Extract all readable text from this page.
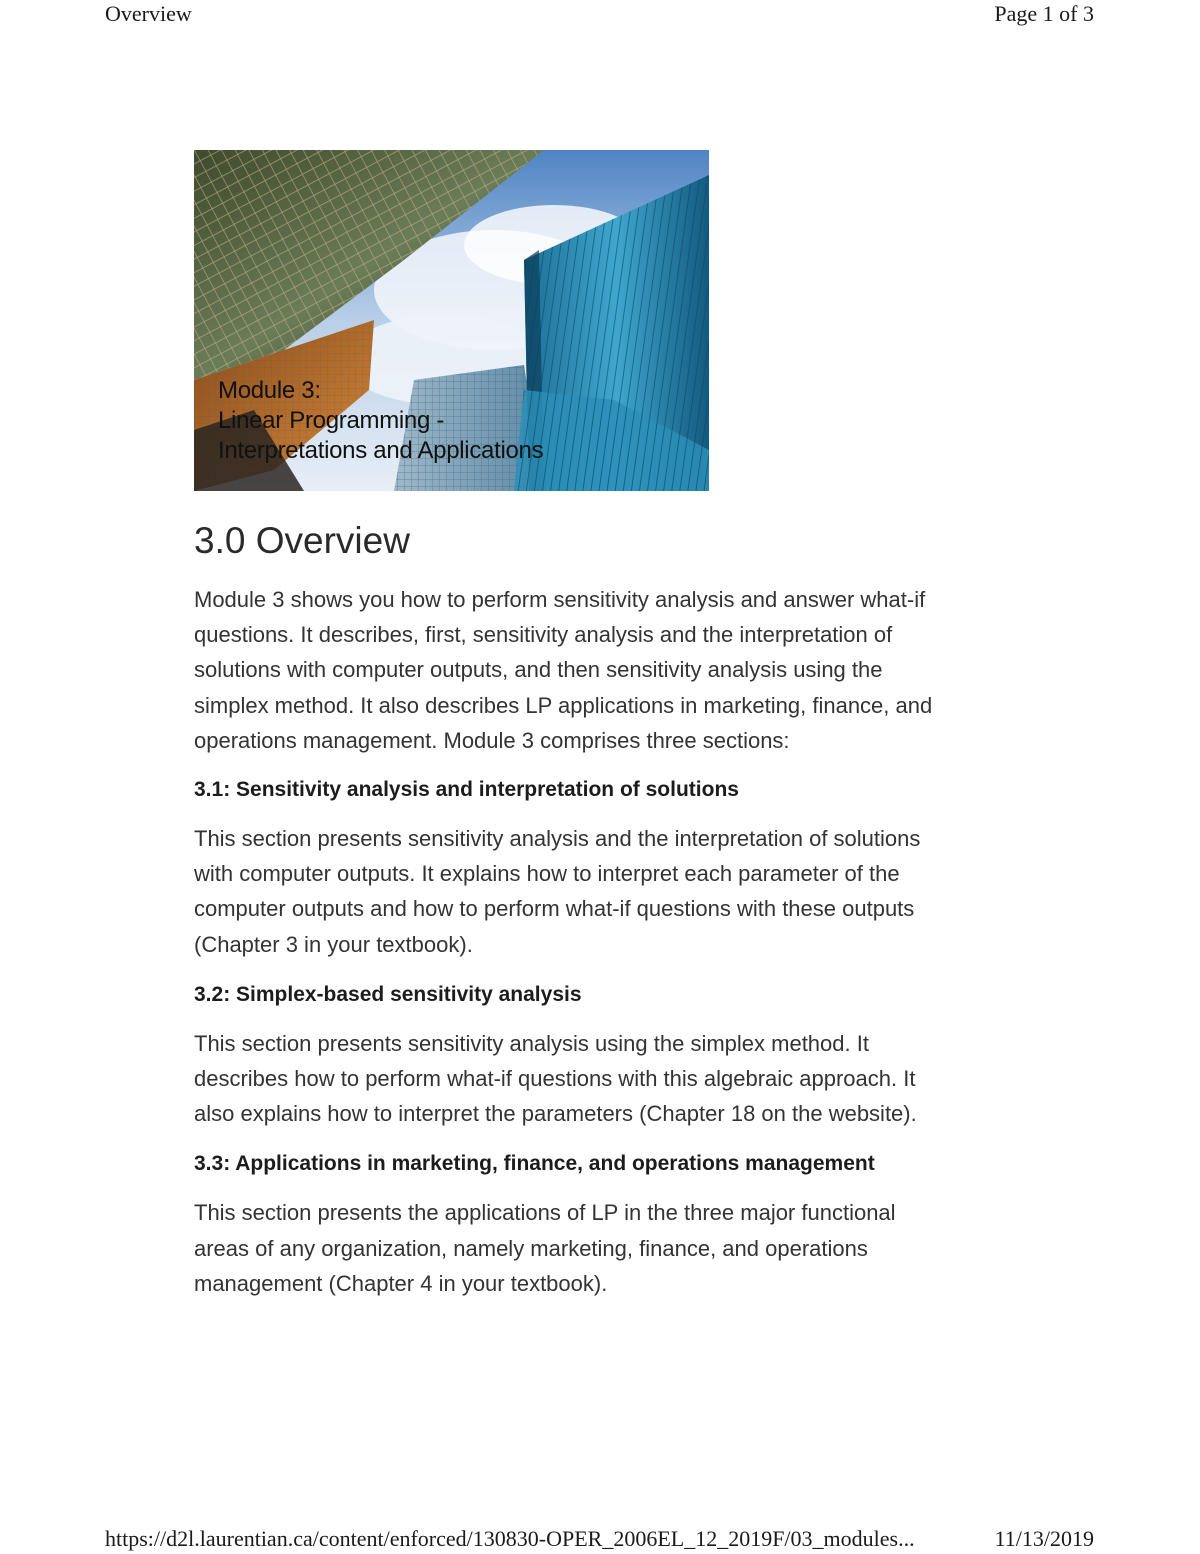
Overview	Page 1 of 3
Module 3:
Linear Programming -
Interpretations and Applications
3.0 Overview

Module 3 shows you how to perform sensitivity analysis and answer what-if questions. It describes, first, sensitivity analysis and the interpretation of solutions with computer outputs, and then sensitivity analysis using the simplex method. It also describes LP applications in marketing, finance, and operations management. Module 3 comprises three sections:

3.1: Sensitivity analysis and interpretation of solutions

This section presents sensitivity analysis and the interpretation of solutions with computer outputs. It explains how to interpret each parameter of the computer outputs and how to perform what-if questions with these outputs (Chapter 3 in your textbook).

3.2: Simplex-based sensitivity analysis

This section presents sensitivity analysis using the simplex method. It describes how to perform what-if questions with this algebraic approach. It also explains how to interpret the parameters (Chapter 18 on the website).

3.3: Applications in marketing, finance, and operations management

This section presents the applications of LP in the three major functional areas of any organization, namely marketing, finance, and operations management (Chapter 4 in your textbook).

https://d2l.laurentian.ca/content/enforced/130830-OPER_2006EL_12_2019F/03_modules...	11/13/2019
